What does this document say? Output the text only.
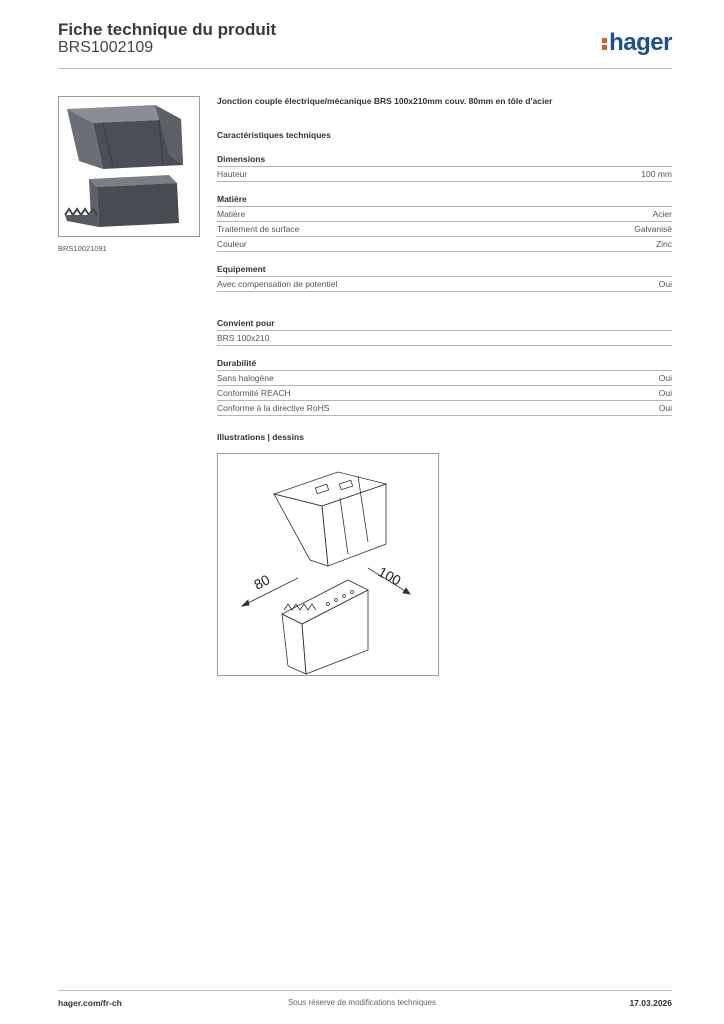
Fiche technique du produit
BRS1002109	hager
BRS10021091
Jonction couple électrique/mécanique BRS 100x210mm couv. 80mm en tôle d'acier
Caractéristiques techniques
Dimensions
Hauteur	100 mm
Matière
Matière	Acier
Traitement de surface	Galvanisé
Couleur	Zinc
Equipement
Avec compensation de potentiel	Oui
Convient pour
BRS 100x210
Durabilité
Sans halogène	Oui
Conformité REACH	Oui
Conforme à la directive RoHS	Oui
Illustrations | dessins
80	100
hager.com/fr-ch	Sous réserve de modifications techniques	17.03.2026
